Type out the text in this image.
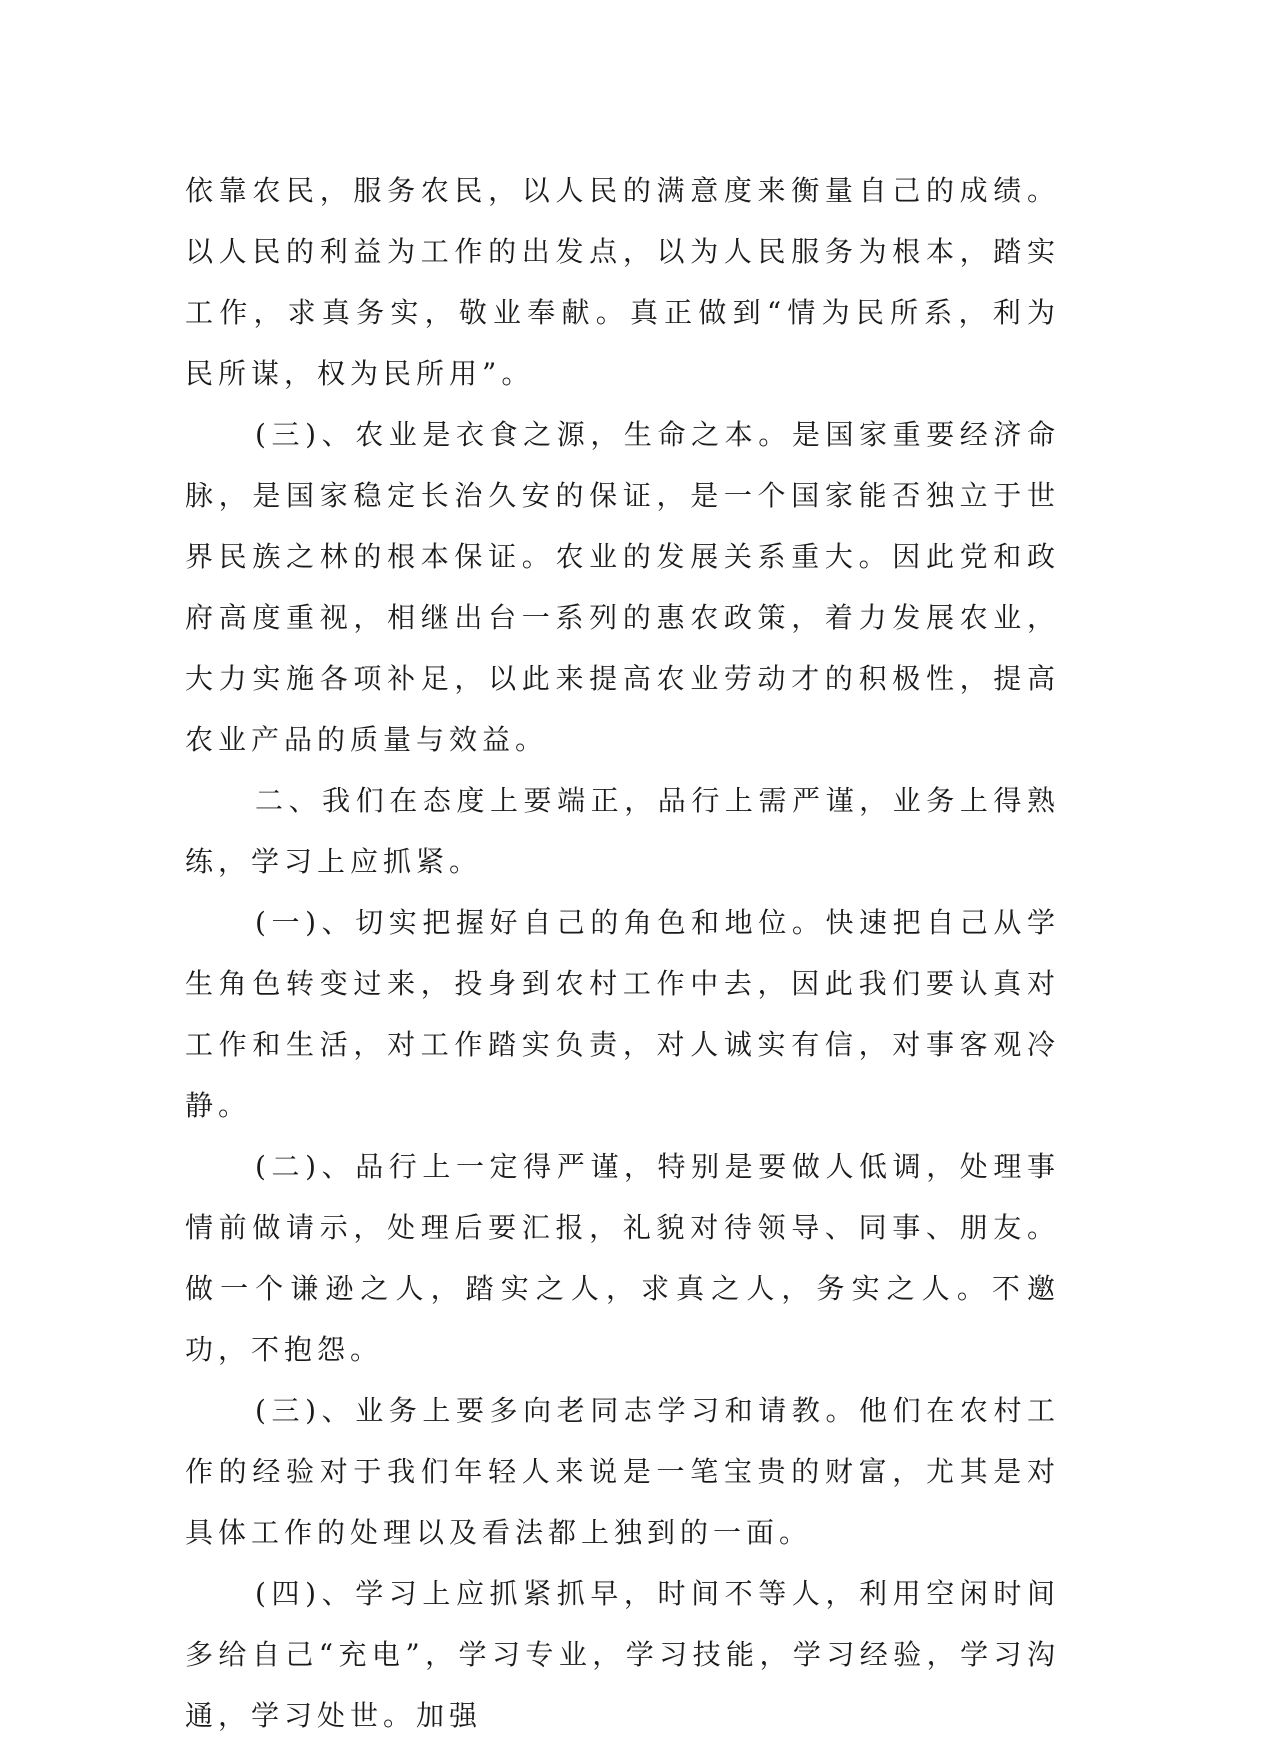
依靠农民，服务农民，以人民的满意度来衡量自己的成绩。以人民的利益为工作的出发点，以为人民服务为根本，踏实工作，求真务实，敬业奉献。真正做到“情为民所系，利为民所谋，权为民所用”。

(三)、农业是衣食之源，生命之本。是国家重要经济命脉，是国家稳定长治久安的保证，是一个国家能否独立于世界民族之林的根本保证。农业的发展关系重大。因此党和政府高度重视，相继出台一系列的惠农政策，着力发展农业，大力实施各项补足，以此来提高农业劳动才的积极性，提高农业产品的质量与效益。

二、我们在态度上要端正，品行上需严谨，业务上得熟练，学习上应抓紧。

(一)、切实把握好自己的角色和地位。快速把自己从学生角色转变过来，投身到农村工作中去，因此我们要认真对工作和生活，对工作踏实负责，对人诚实有信，对事客观冷静。

(二)、品行上一定得严谨，特别是要做人低调，处理事情前做请示，处理后要汇报，礼貌对待领导、同事、朋友。做一个谦逊之人，踏实之人，求真之人，务实之人。不邀功，不抱怨。

(三)、业务上要多向老同志学习和请教。他们在农村工作的经验对于我们年轻人来说是一笔宝贵的财富，尤其是对具体工作的处理以及看法都上独到的一面。

(四)、学习上应抓紧抓早，时间不等人，利用空闲时间多给自己“充电”，学习专业，学习技能，学习经验，学习沟通，学习处世。加强
